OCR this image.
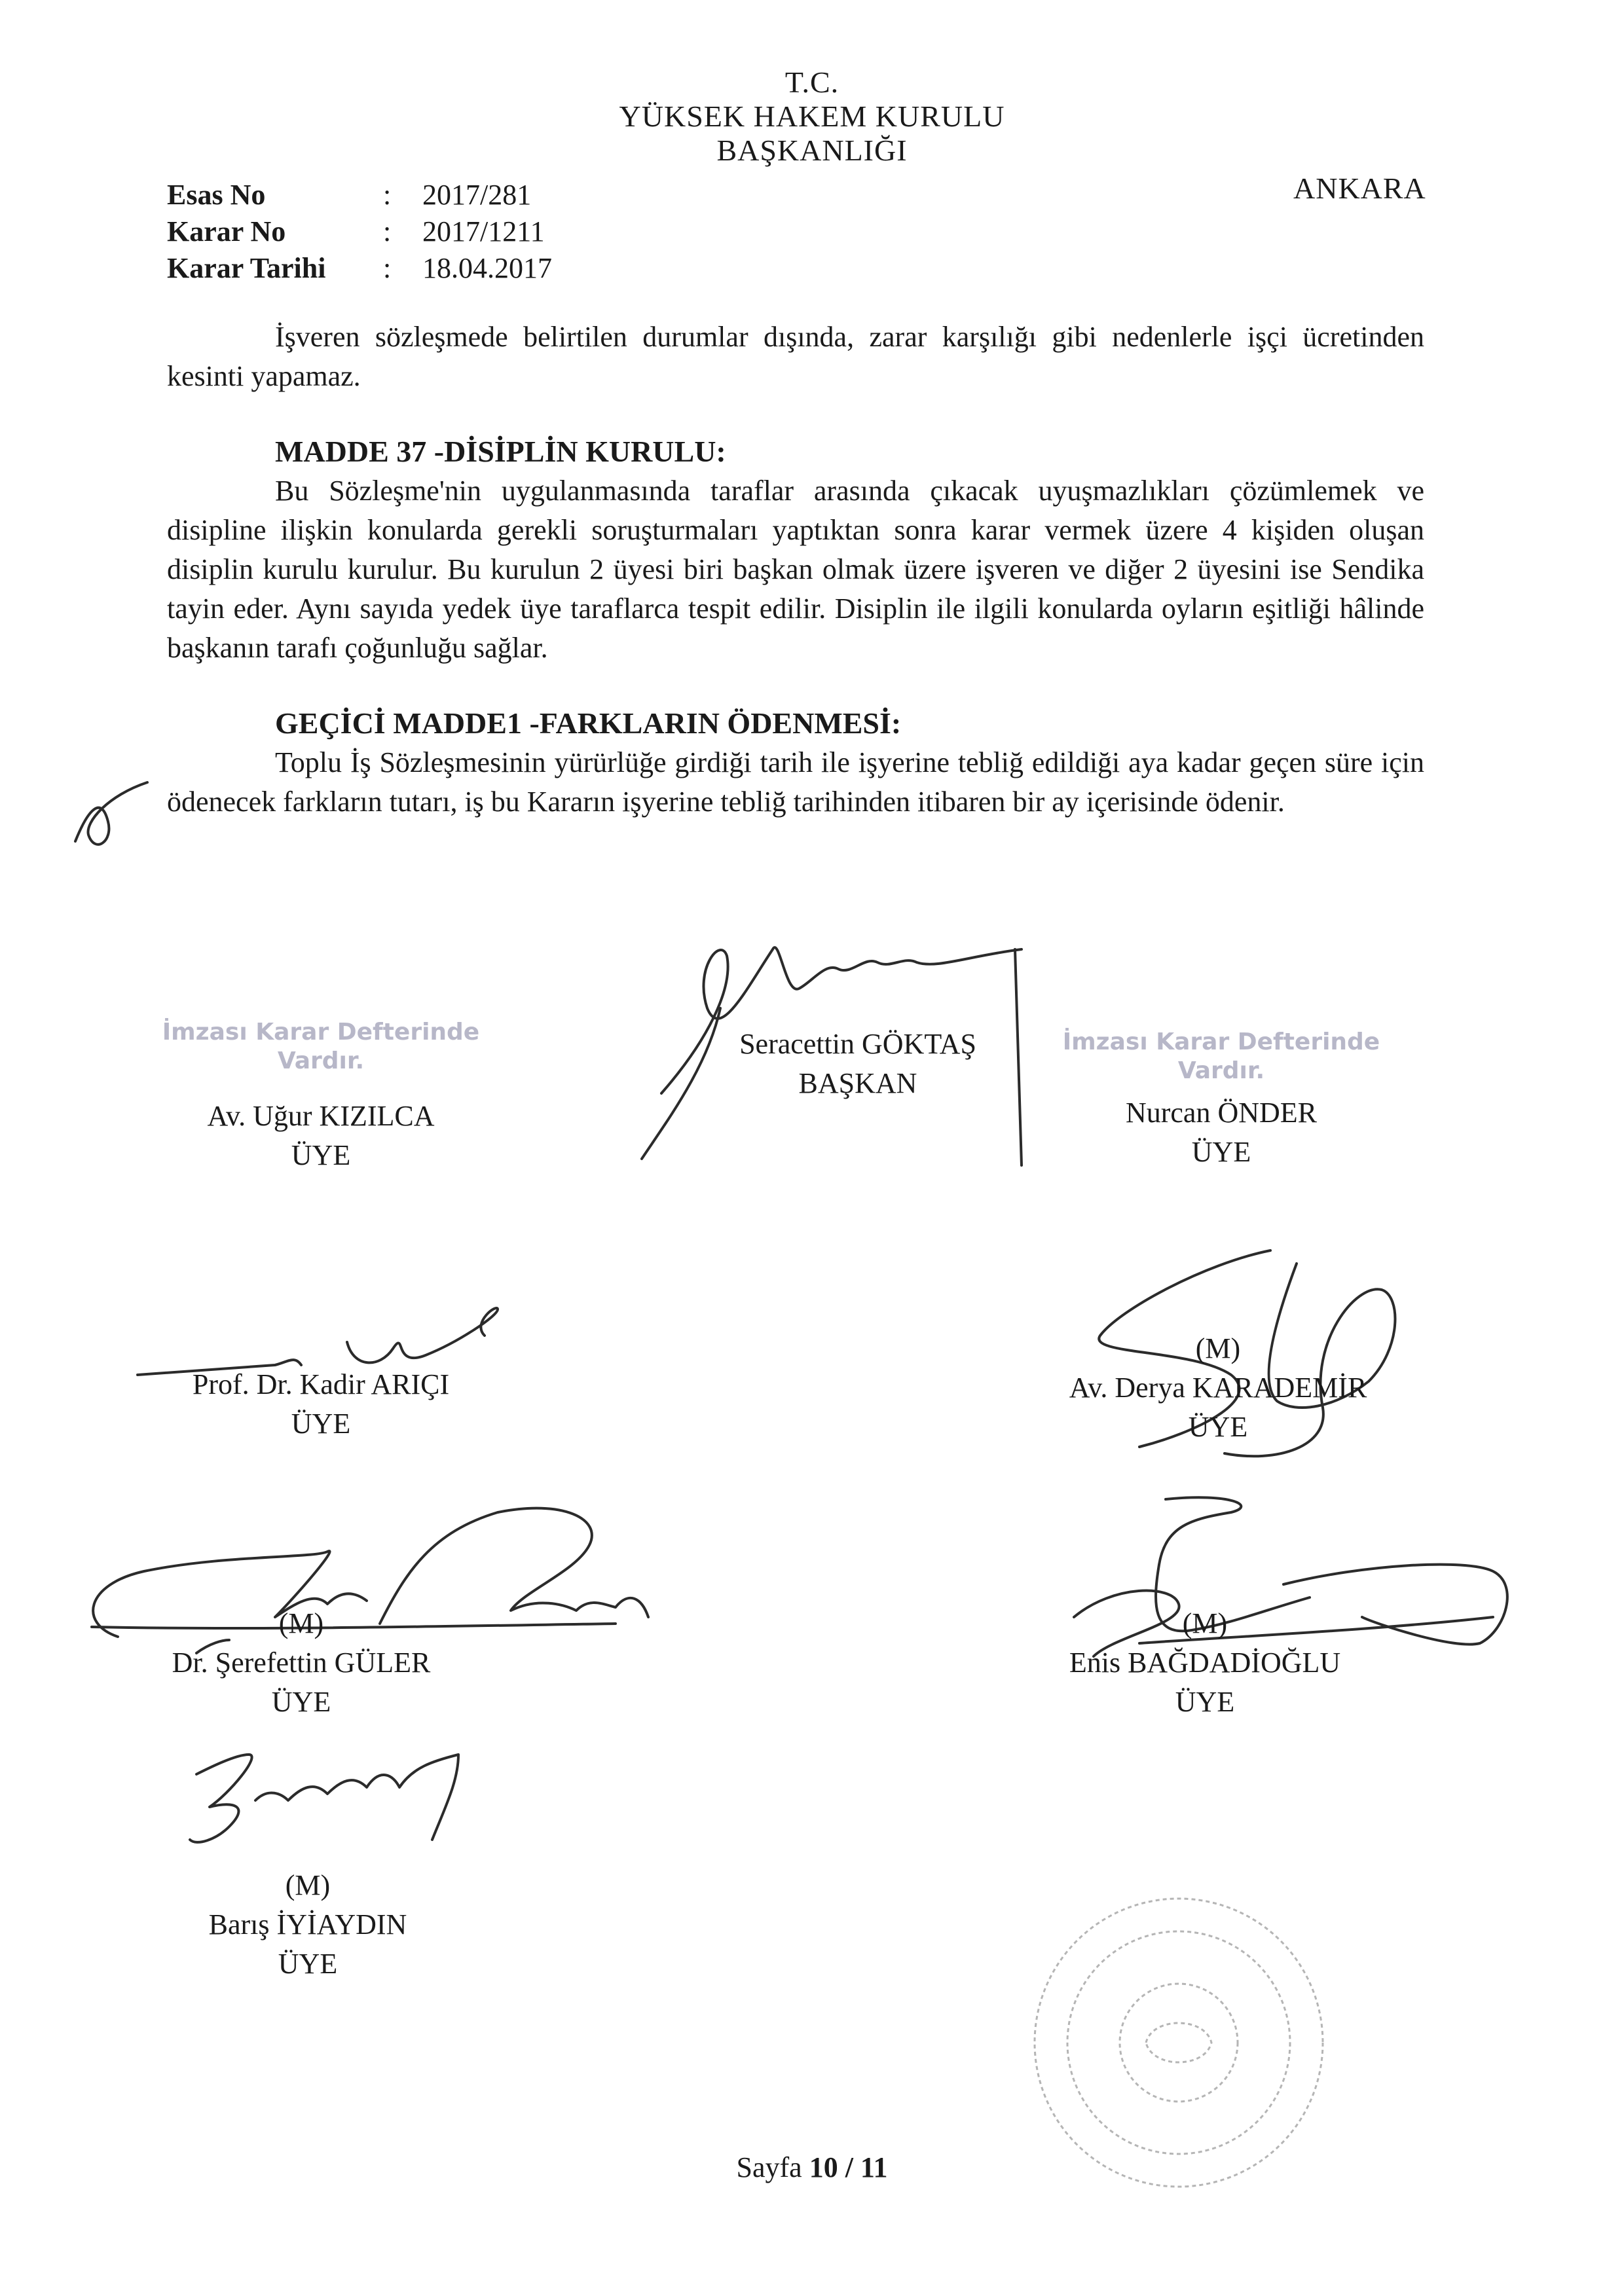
T.C.
YÜKSEK HAKEM KURULU
BAŞKANLIĞI
ANKARA
Esas No	: 2017/281
Karar No	: 2017/1211
Karar Tarihi : 18.04.2017

İşveren sözleşmede belirtilen durumlar dışında, zarar karşılığı gibi nedenlerle işçi ücretinden kesinti yapamaz.

MADDE 37 -DİSİPLİN KURULU:

Bu Sözleşme'nin uygulanmasında taraflar arasında çıkacak uyuşmazlıkları çözümlemek ve disipline ilişkin konularda gerekli soruşturmaları yaptıktan sonra karar vermek üzere 4 kişiden oluşan disiplin kurulu kurulur. Bu kurulun 2 üyesi biri başkan olmak üzere işveren ve diğer 2 üyesini ise Sendika tayin eder. Aynı sayıda yedek üye taraflarca tespit edilir. Disiplin ile ilgili konularda oyların eşitliği hâlinde başkanın tarafı çoğunluğu sağlar.

GEÇİCİ MADDE1 -FARKLARIN ÖDENMESİ:

Toplu İş Sözleşmesinin yürürlüğe girdiği tarih ile işyerine tebliğ edildiği aya kadar geçen süre için ödenecek farkların tutarı, iş bu Kararın işyerine tebliğ tarihinden itibaren bir ay içerisinde ödenir.

Seracettin GÖKTAŞ
BAŞKAN
İmzası Karar Defterinde
Vardır.
Av. Uğur KIZILCA
ÜYE
İmzası Karar Defterinde
Vardır.
Nurcan ÖNDER
ÜYE
Prof. Dr. Kadir ARIÇI
ÜYE
(M)
Av. Derya KARADEMİR
ÜYE
(M)
Dr. Şerefettin GÜLER
ÜYE
(M)
Enis BAĞDADİOĞLU
ÜYE
(M)
Barış İYİAYDIN
ÜYE
Sayfa 10 / 11
